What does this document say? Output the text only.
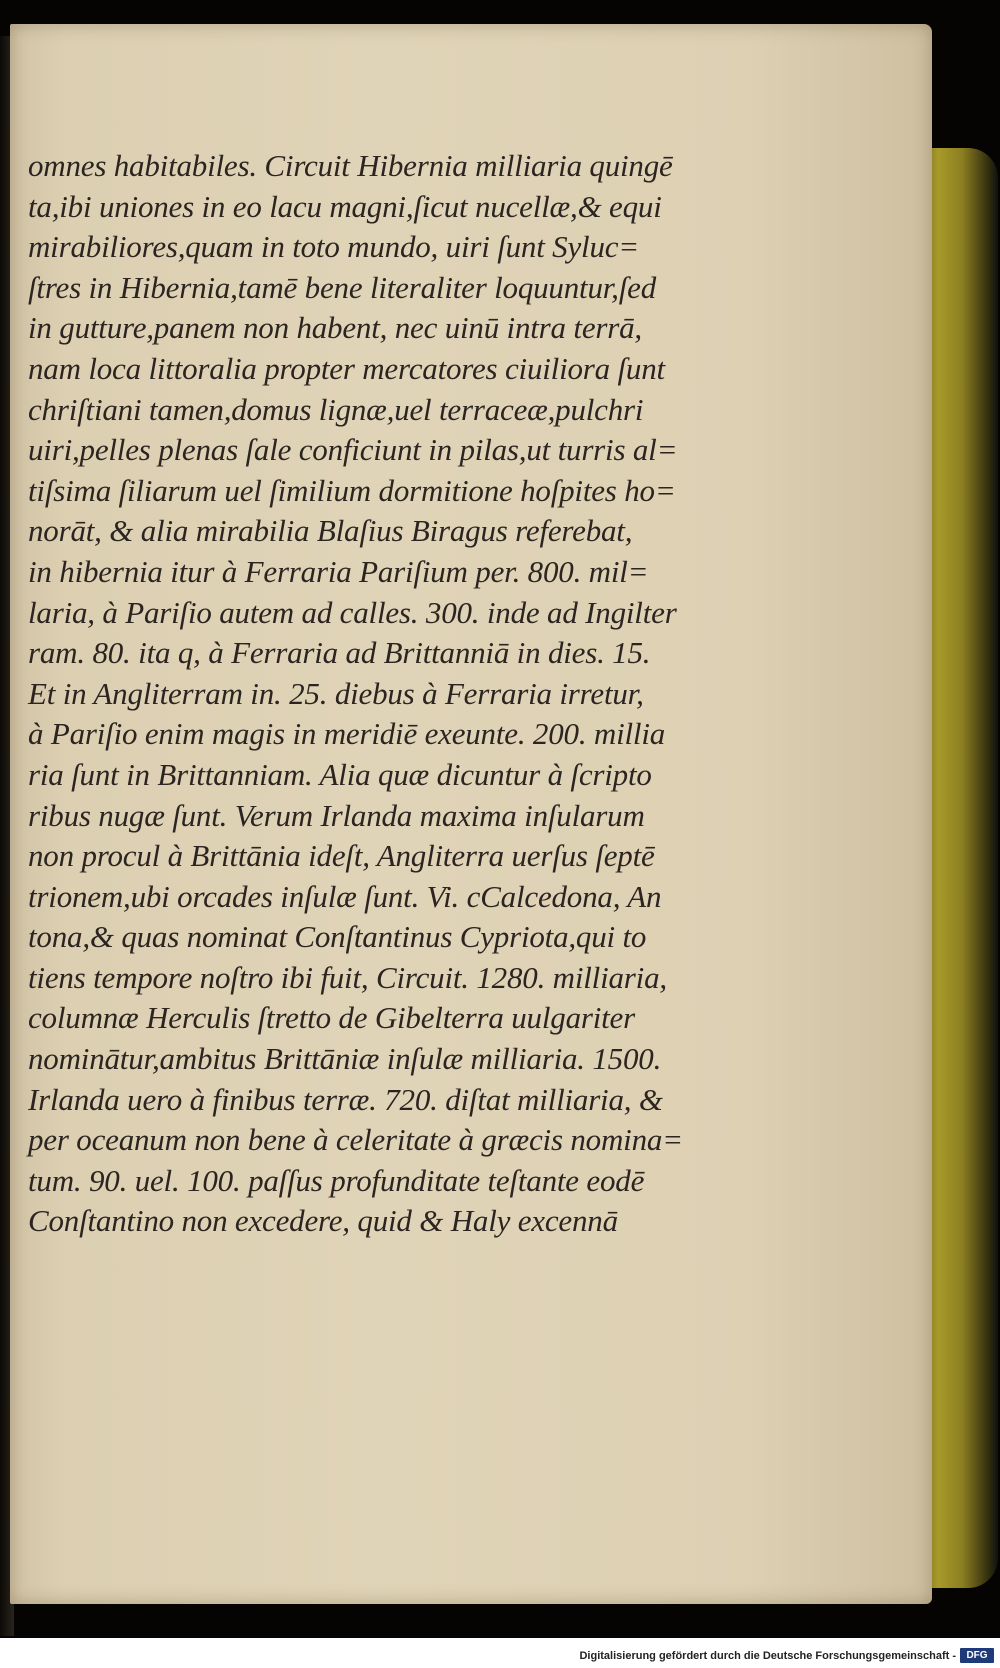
omnes habitabiles. Circuit Hibernia milliaria quingē
ta,ibi uniones in eo lacu magni,ſicut nucellæ,& equi
mirabiliores,quam in toto mundo, uiri ſunt Syluc=
ſtres in Hibernia,tamē bene literaliter loquuntur,ſed
in gutture,panem non habent, nec uinū intra terrā,
nam loca littoralia propter mercatores ciuiliora ſunt
chriſtiani tamen,domus lignæ,uel terraceæ,pulchri
uiri,pelles plenas ſale conficiunt in pilas,ut turris al=
tiſsima ſiliarum uel ſimilium dormitione hoſpites ho=
norāt, & alia mirabilia Blaſius Biragus referebat,
in hibernia itur à Ferraria Pariſium per. 800. mil=
laria, à Pariſio autem ad calles. 300. inde ad Ingilter
ram. 80. ita q, à Ferraria ad Brittanniā in dies. 15.
Et in Angliterram in. 25. diebus à Ferraria irretur,
à Pariſio enim magis in meridiē exeunte. 200. millia
ria ſunt in Brittanniam. Alia quæ dicuntur à ſcripto
ribus nugæ ſunt. Verum Irlanda maxima inſularum
non procul à Brittānia ideſt, Angliterra uerſus ſeptē
trionem,ubi orcades inſulæ ſunt. Vi. cCalcedona, An
tona,& quas nominat Conſtantinus Cypriota,qui to
tiens tempore noſtro ibi fuit, Circuit. 1280. milliaria,
columnæ Herculis ſtretto de Gibelterra uulgariter
nominātur,ambitus Brittāniæ inſulæ milliaria. 1500.
Irlanda uero à finibus terræ. 720. diſtat milliaria, &
per oceanum non bene à celeritate à græcis nomina=
tum. 90. uel. 100. paſſus profunditate teſtante eodē
Conſtantino non excedere, quid & Haly excennā
Digitalisierung gefördert durch die Deutsche Forschungsgemeinschaft -	DFG
